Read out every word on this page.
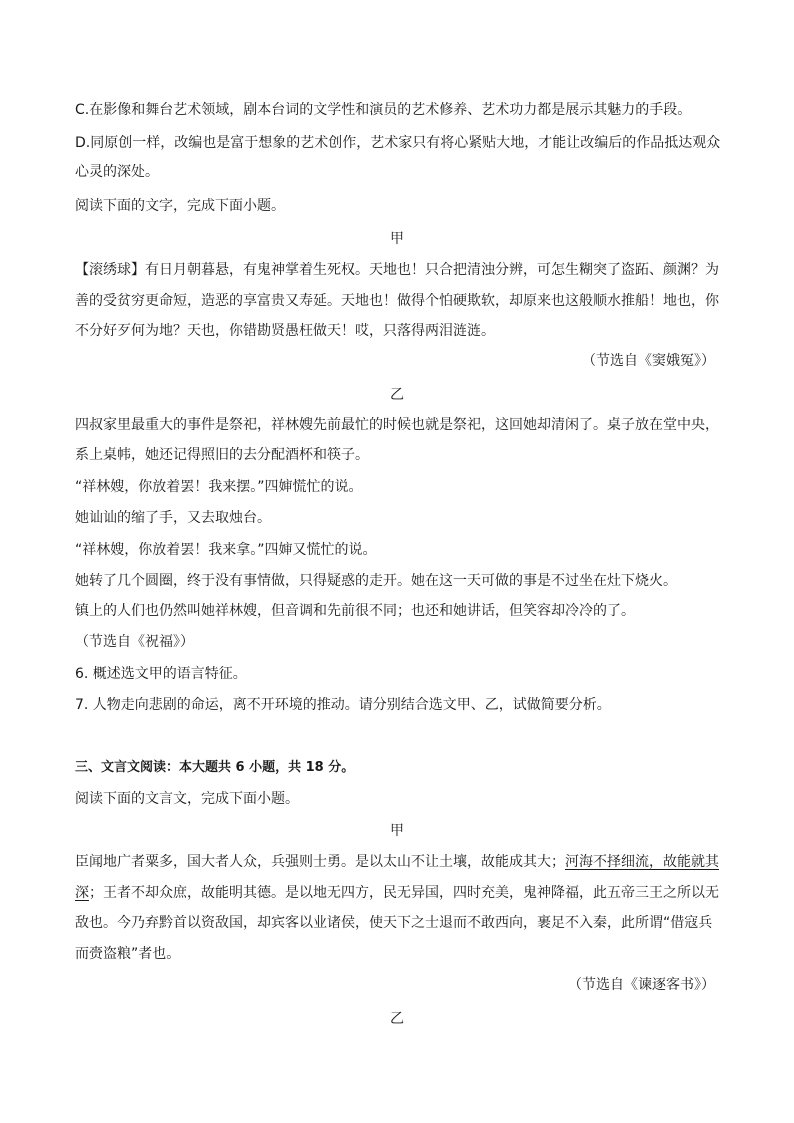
C.在影像和舞台艺术领域，剧本台词的文学性和演员的艺术修养、艺术功力都是展示其魅力的手段。
D.同原创一样，改编也是富于想象的艺术创作，艺术家只有将心紧贴大地，才能让改编后的作品抵达观众
心灵的深处。
阅读下面的文字，完成下面小题。
甲
【滚绣球】有日月朝暮悬，有鬼神掌着生死权。天地也！只合把清浊分辨，可怎生糊突了盗跖、颜渊？为
善的受贫穷更命短，造恶的享富贵又寿延。天地也！做得个怕硬欺软，却原来也这般顺水推船！地也，你
不分好歹何为地？天也，你错勘贤愚枉做天！哎，只落得两泪涟涟。
（节选自《窦娥冤》）
乙
四叔家里最重大的事件是祭祀，祥林嫂先前最忙的时候也就是祭祀，这回她却清闲了。桌子放在堂中央，
系上桌帏，她还记得照旧的去分配酒杯和筷子。
“祥林嫂，你放着罢！我来摆。”四婶慌忙的说。
她讪讪的缩了手，又去取烛台。
“祥林嫂，你放着罢！我来拿。”四婶又慌忙的说。
她转了几个圆圈，终于没有事情做，只得疑惑的走开。她在这一天可做的事是不过坐在灶下烧火。
镇上的人们也仍然叫她祥林嫂，但音调和先前很不同；也还和她讲话，但笑容却冷冷的了。
（节选自《祝福》）
6. 概述选文甲的语言特征。
7. 人物走向悲剧的命运，离不开环境的推动。请分别结合选文甲、乙，试做简要分析。
三、文言文阅读：本大题共 6 小题，共 18 分。
阅读下面的文言文，完成下面小题。
甲
臣闻地广者粟多，国大者人众，兵强则士勇。是以太山不让土壤，故能成其大；河海不择细流，故能就其
深；王者不却众庶，故能明其德。是以地无四方，民无异国，四时充美，鬼神降福，此五帝三王之所以无
敌也。今乃弃黔首以资敌国，却宾客以业诸侯，使天下之士退而不敢西向，裹足不入秦，此所谓“借寇兵
而赍盗粮”者也。
（节选自《谏逐客书》）
乙
